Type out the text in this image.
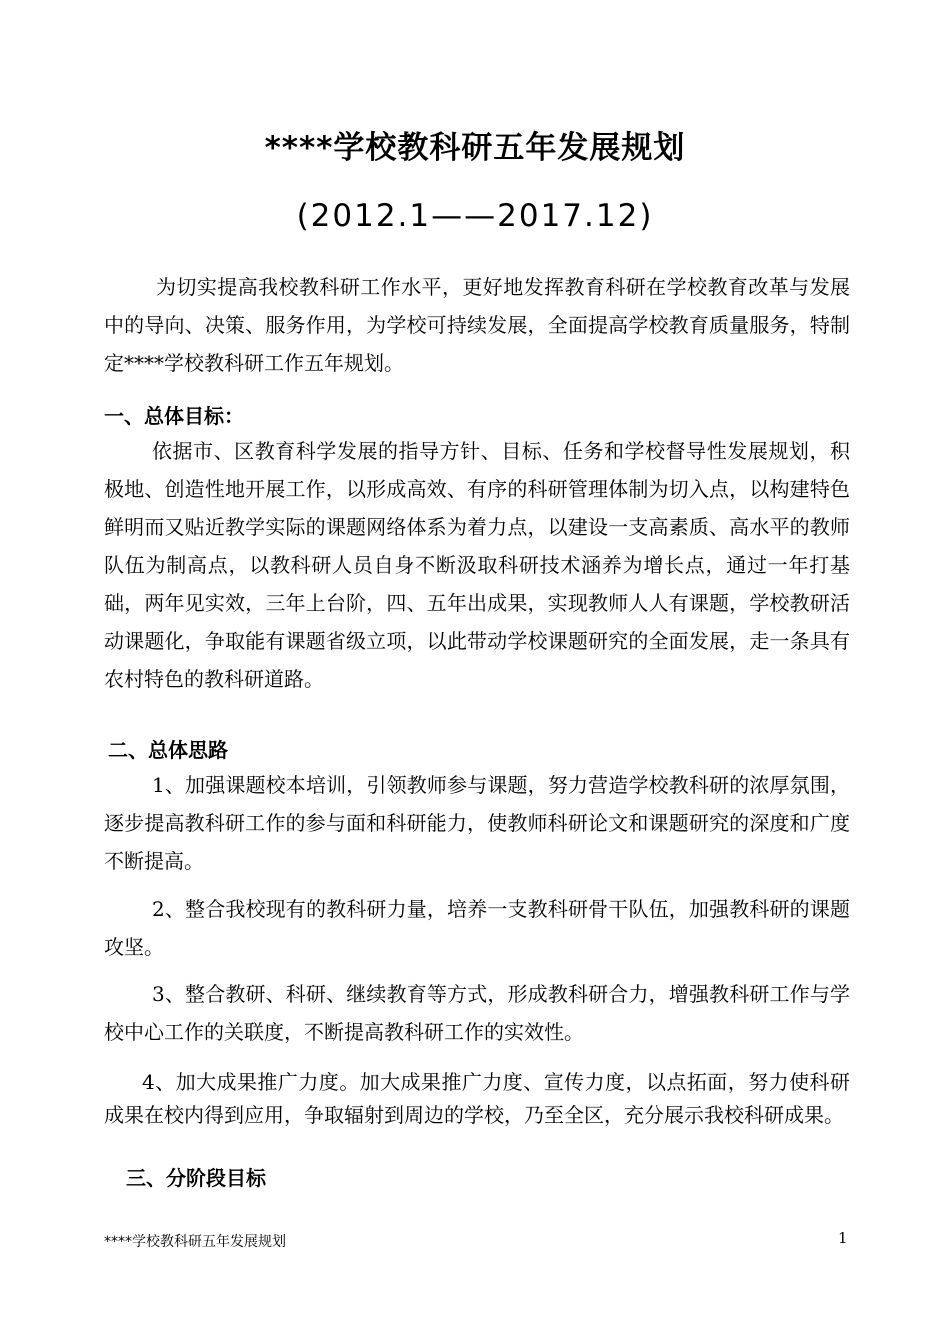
****学校教科研五年发展规划
(2012.1——2017.12)

为切实提高我校教科研工作水平，更好地发挥教育科研在学校教育改革与发展中的导向、决策、服务作用，为学校可持续发展，全面提高学校教育质量服务，特制定****学校教科研工作五年规划。

一、总体目标：

依据市、区教育科学发展的指导方针、目标、任务和学校督导性发展规划，积极地、创造性地开展工作，以形成高效、有序的科研管理体制为切入点，以构建特色鲜明而又贴近教学实际的课题网络体系为着力点，以建设一支高素质、高水平的教师队伍为制高点，以教科研人员自身不断汲取科研技术涵养为增长点，通过一年打基础，两年见实效，三年上台阶，四、五年出成果，实现教师人人有课题，学校教研活动课题化，争取能有课题省级立项，以此带动学校课题研究的全面发展，走一条具有农村特色的教科研道路。

二、总体思路

1、加强课题校本培训，引领教师参与课题，努力营造学校教科研的浓厚氛围，逐步提高教科研工作的参与面和科研能力，使教师科研论文和课题研究的深度和广度不断提高。

2、整合我校现有的教科研力量，培养一支教科研骨干队伍，加强教科研的课题攻坚。

3、整合教研、科研、继续教育等方式，形成教科研合力，增强教科研工作与学校中心工作的关联度，不断提高教科研工作的实效性。

4、加大成果推广力度。加大成果推广力度、宣传力度，以点拓面，努力使科研成果在校内得到应用，争取辐射到周边的学校，乃至全区，充分展示我校科研成果。

三、分阶段目标

****学校教科研五年发展规划	1
